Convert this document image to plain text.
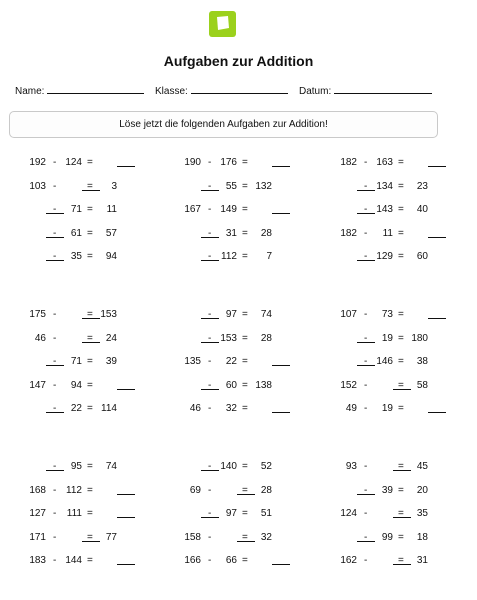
Aufgaben zur Addition
Name:	Klasse:	Datum:
Löse jetzt die folgenden Aufgaben zur Addition!
192 - 124 =
103 -	=	3
-	71 =	11
-	61 =	57
-	35 =	94
190 - 176 =
-	55 = 132
167 - 149 =
-	31 =	28
- 112 =	7
182 - 163 =
- 134 =	23
- 143 =	40
182 -	11 =
- 129 =	60
175 -	= 153
46 -	=	24
-	71 =	39
147 -	94 =
-	22 = 114
-	97 =	74
- 153 =	28
135 -	22 =
-	60 = 138
46 -	32 =
107 -	73 =
-	19 = 180
- 146 =	38
152 -	=	58
49 -	19 =
-	95 =	74
168 - 112 =
127 -	111 =
171 -	=	77
183 - 144 =
- 140 =	52
69 -	=	28
-	97 =	51
158 -	=	32
166 -	66 =
93 -	=	45
-	39 =	20
124 -	=	35
-	99 =	18
162 -	=	31
